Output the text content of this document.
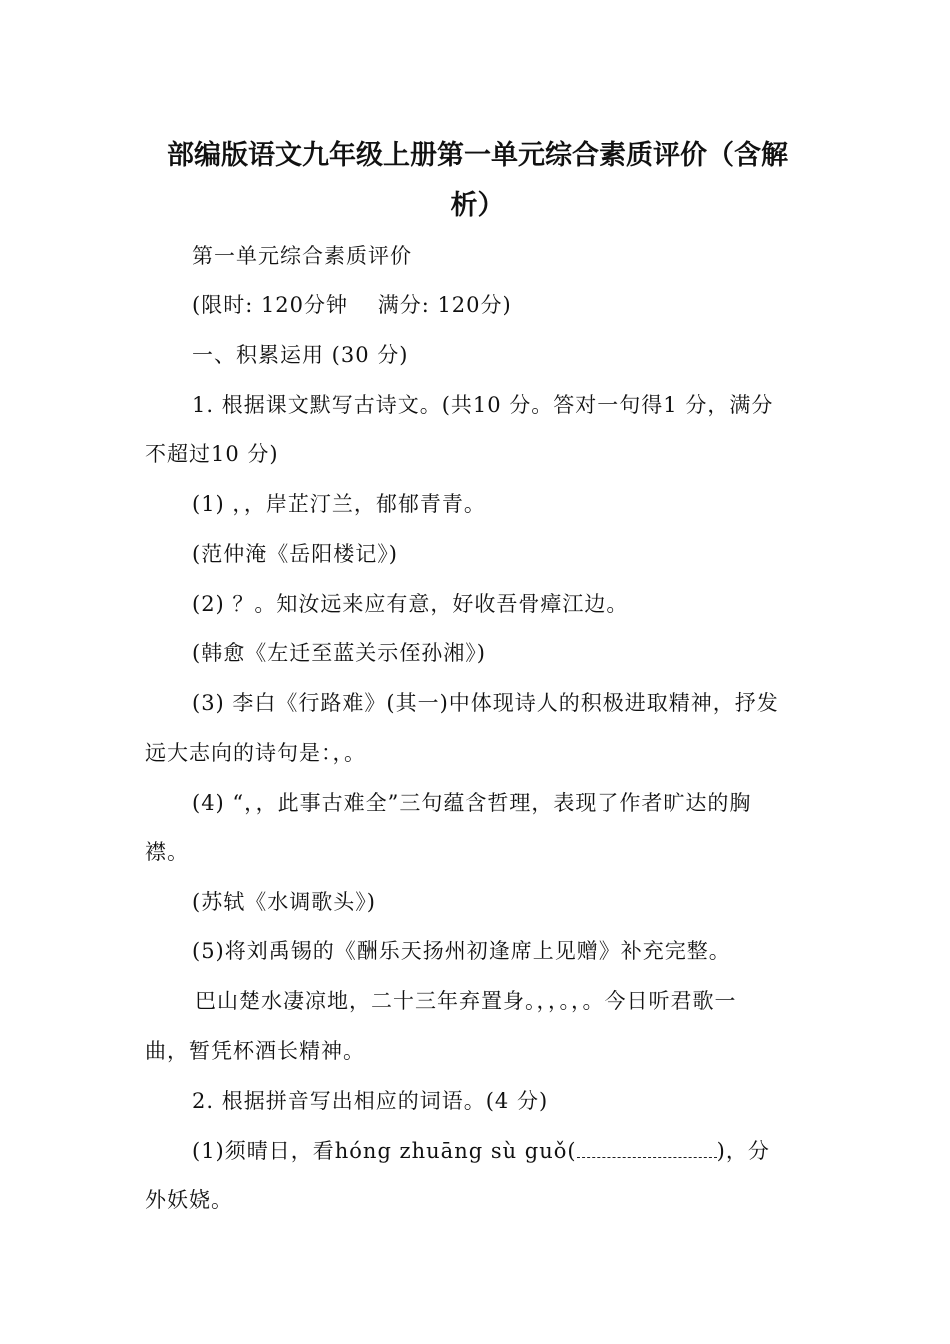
部编版语文九年级上册第一单元综合素质评价（含解
析）
第一单元综合素质评价
(限时: 120分钟　 满分: 120分)
一、积累运用 (30 分)
1. 根据课文默写古诗文。(共10 分。答对一句得1 分，满分
不超过10 分)
(1) ，，岸芷汀兰，郁郁青青。
(范仲淹《岳阳楼记》)
(2) ？。知汝远来应有意，好收吾骨瘴江边。
(韩愈《左迁至蓝关示侄孙湘》)
(3) 李白《行路难》(其一)中体现诗人的积极进取精神，抒发
远大志向的诗句是：，。
(4) “，，此事古难全”三句蕴含哲理，表现了作者旷达的胸
襟。
(苏轼《水调歌头》)
(5)将刘禹锡的《酬乐天扬州初逢席上见赠》补充完整。
巴山楚水凄凉地，二十三年弃置身。，，。，。今日听君歌一
曲，暂凭杯酒长精神。
2. 根据拼音写出相应的词语。(4 分)
(1)须晴日，看hóng zhuāng sù guǒ(	)，分
外妖娆。
